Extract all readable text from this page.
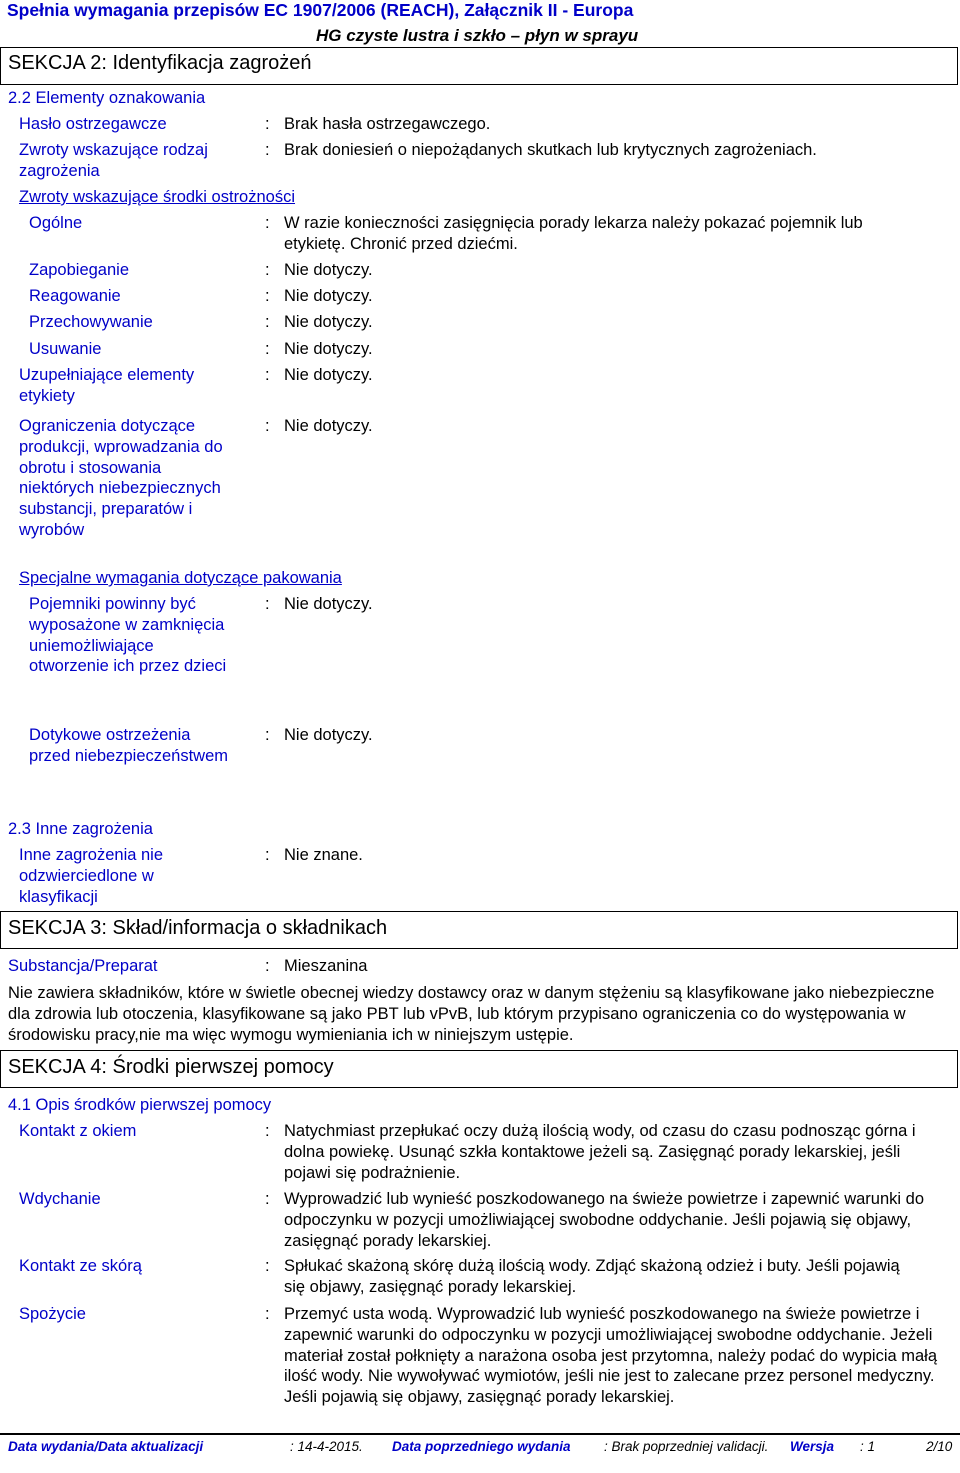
Spełnia wymagania przepisów EC 1907/2006 (REACH), Załącznik II - Europa
HG czyste lustra i szkło – płyn w sprayu
SEKCJA 2: Identyfikacja zagrożeń
2.2 Elementy oznakowania
Hasło ostrzegawcze	: Brak hasła ostrzegawczego.
Zwroty wskazujące rodzaj zagrożenia
: Brak doniesień o niepożądanych skutkach lub krytycznych zagrożeniach.
Zwroty wskazujące środki ostrożności
Ogólne	: W razie konieczności zasięgnięcia porady lekarza należy pokazać pojemnik lub etykietę. Chronić przed dziećmi.
Zapobieganie	: Nie dotyczy.
Reagowanie	: Nie dotyczy.
Przechowywanie	: Nie dotyczy.
Usuwanie	: Nie dotyczy.
Uzupełniające elementy etykiety
: Nie dotyczy.
Ograniczenia dotyczące produkcji, wprowadzania do obrotu i stosowania niektórych niebezpiecznych substancji, preparatów i wyrobów
: Nie dotyczy.
Specjalne wymagania dotyczące pakowania
Pojemniki powinny być wyposażone w zamknięcia uniemożliwiające otworzenie ich przez dzieci
: Nie dotyczy.
Dotykowe ostrzeżenia przed niebezpieczeństwem
: Nie dotyczy.
2.3 Inne zagrożenia
Inne zagrożenia nie odzwierciedlone w klasyfikacji
: Nie znane.
SEKCJA 3: Skład/informacja o składnikach
Substancja/Preparat	: Mieszanina
Nie zawiera składników, które w świetle obecnej wiedzy dostawcy oraz w danym stężeniu są klasyfikowane jako niebezpieczne dla zdrowia lub otoczenia, klasyfikowane są jako PBT lub vPvB, lub którym przypisano ograniczenia co do występowania w środowisku pracy,nie ma więc wymogu wymieniania ich w niniejszym ustępie.
SEKCJA 4: Środki pierwszej pomocy
4.1 Opis środków pierwszej pomocy
Kontakt z okiem	: Natychmiast przepłukać oczy dużą ilością wody, od czasu do czasu podnosząc górna i dolna powiekę. Usunąć szkła kontaktowe jeżeli są. Zasięgnąć porady lekarskiej, jeśli pojawi się podrażnienie.
Wdychanie	: Wyprowadzić lub wynieść poszkodowanego na świeże powietrze i zapewnić warunki do odpoczynku w pozycji umożliwiającej swobodne oddychanie. Jeśli pojawią się objawy, zasięgnąć porady lekarskiej.
Kontakt ze skórą	: Spłukać skażoną skórę dużą ilością wody. Zdjąć skażoną odzież i buty. Jeśli pojawią się objawy, zasięgnąć porady lekarskiej.
Spożycie	: Przemyć usta wodą. Wyprowadzić lub wynieść poszkodowanego na świeże powietrze i zapewnić warunki do odpoczynku w pozycji umożliwiającej swobodne oddychanie. Jeżeli materiał został połknięty a narażona osoba jest przytomna, należy podać do wypicia małą ilość wody. Nie wywoływać wymiotów, jeśli nie jest to zalecane przez personel medyczny. Jeśli pojawią się objawy, zasięgnąć porady lekarskiej.
Data wydania/Data aktualizacji	: 14-4-2015. Data poprzedniego wydania : Brak poprzedniej validacji. Wersja : 1	2/10
